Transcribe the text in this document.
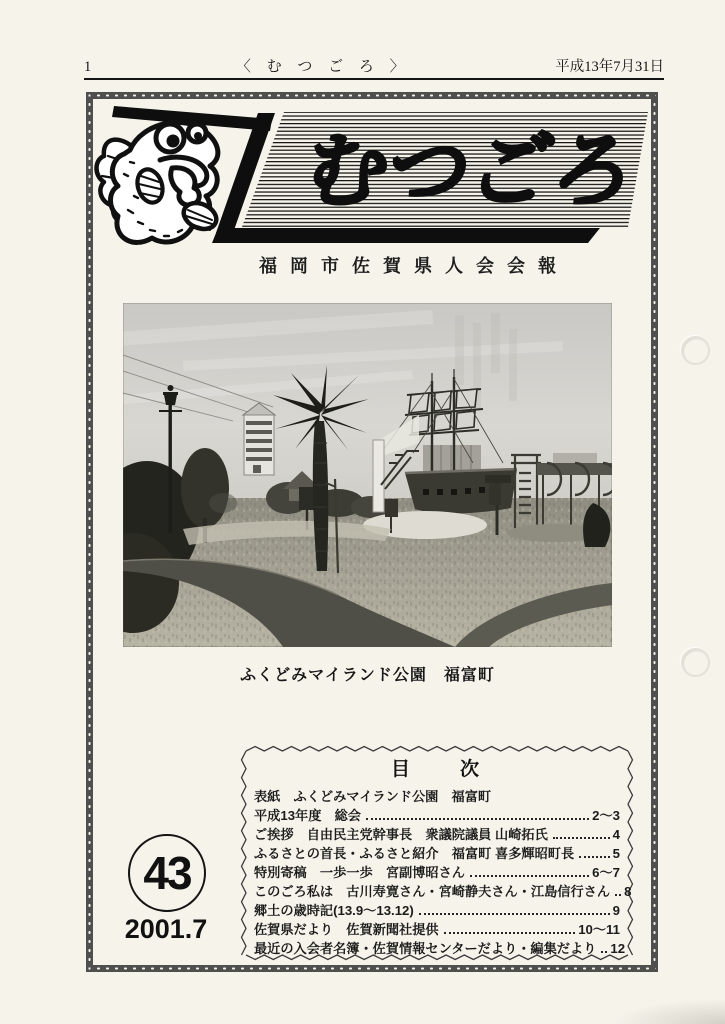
1	〈 む つ ご ろ 〉	平成13年7月31日
むつごろ
福岡市佐賀県人会会報
ふくどみマイランド公園　福富町
43
2001.7
目　　次
表紙　ふくどみマイランド公園　福富町
平成13年度　総会	2〜3
ご挨拶　自由民主党幹事長　衆議院議員 山崎拓氏	4
ふるさとの首長・ふるさと紹介　福富町 喜多輝昭町長	5
特別寄稿　一歩一歩　宮副博昭さん	6〜7
このごろ私は　古川寿寛さん・宮崎静夫さん・江島信行さん 8
郷土の歳時記(13.9〜13.12)	9
佐賀県だより　佐賀新聞社提供	10〜11
最近の入会者名簿・佐賀情報センターだより・編集だより 12
